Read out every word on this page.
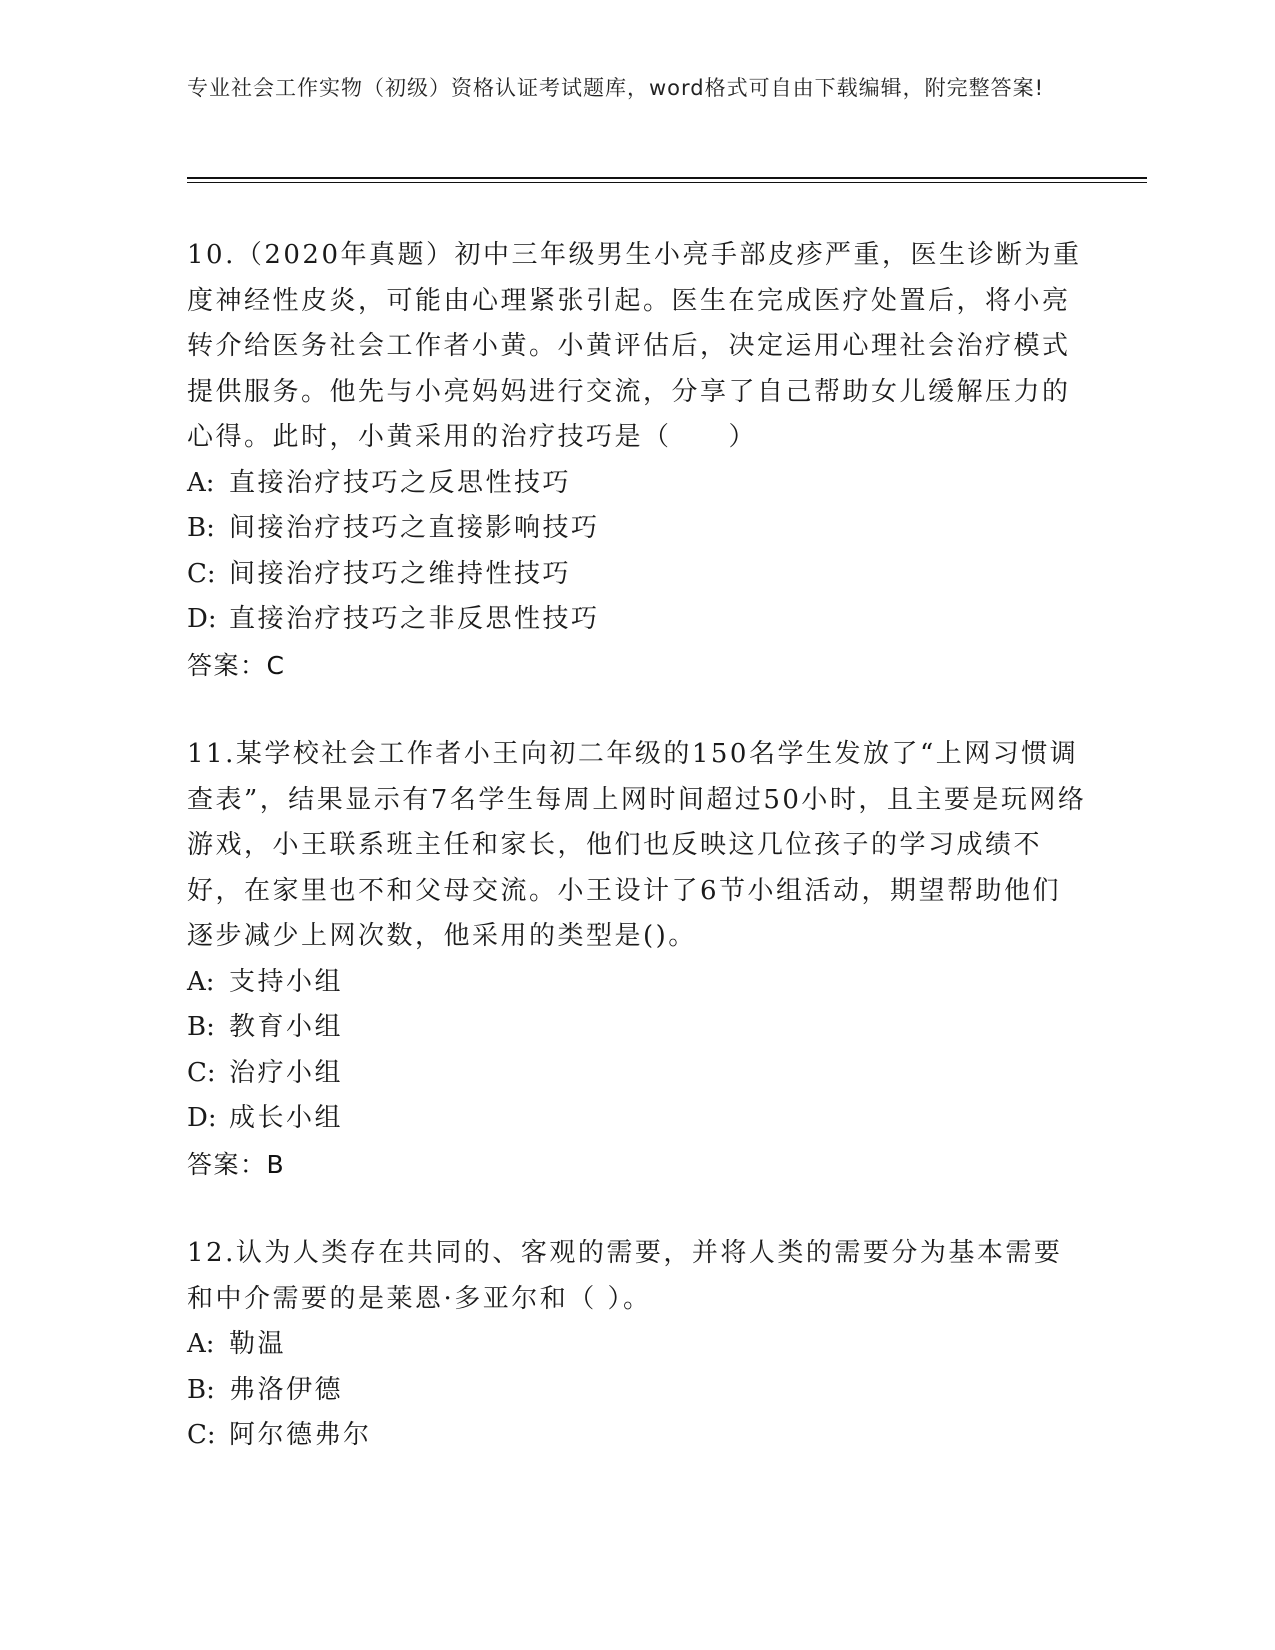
专业社会工作实物（初级）资格认证考试题库，word格式可自由下载编辑，附完整答案!
10.（2020年真题）初中三年级男生小亮手部皮疹严重，医生诊断为重度神经性皮炎，可能由心理紧张引起。医生在完成医疗处置后，将小亮转介给医务社会工作者小黄。小黄评估后，决定运用心理社会治疗模式提供服务。他先与小亮妈妈进行交流，分享了自己帮助女儿缓解压力的心得。此时，小黄采用的治疗技巧是（　　）
A: 直接治疗技巧之反思性技巧
B: 间接治疗技巧之直接影响技巧
C: 间接治疗技巧之维持性技巧
D: 直接治疗技巧之非反思性技巧
答案：C
11.某学校社会工作者小王向初二年级的150名学生发放了“上网习惯调查表”，结果显示有7名学生每周上网时间超过50小时，且主要是玩网络游戏，小王联系班主任和家长，他们也反映这几位孩子的学习成绩不好，在家里也不和父母交流。小王设计了6节小组活动，期望帮助他们逐步减少上网次数，他采用的类型是()。
A: 支持小组
B: 教育小组
C: 治疗小组
D: 成长小组
答案：B
12.认为人类存在共同的、客观的需要，并将人类的需要分为基本需要和中介需要的是莱恩·多亚尔和（ ）。
A: 勒温
B: 弗洛伊德
C: 阿尔德弗尔
